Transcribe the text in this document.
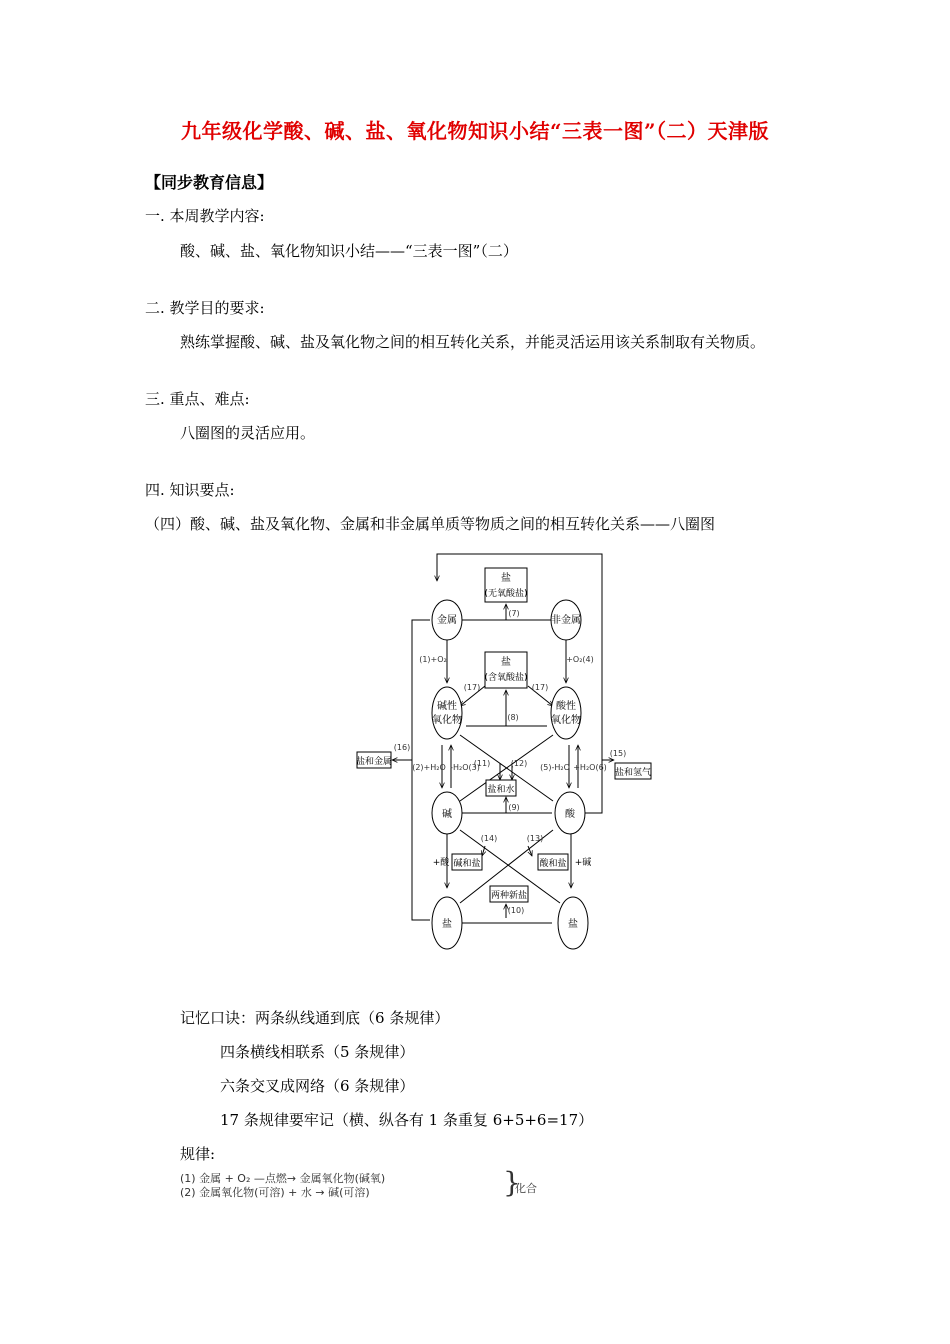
九年级化学酸、碱、盐、氧化物知识小结“三表一图”（二）天津版
【同步教育信息】
一. 本周教学内容:
酸、碱、盐、氧化物知识小结——“三表一图”（二）
二. 教学目的要求:
熟练掌握酸、碱、盐及氧化物之间的相互转化关系，并能灵活运用该关系制取有关物质。
三. 重点、难点:
八圈图的灵活应用。
四. 知识要点:
（四）酸、碱、盐及氧化物、金属和非金属单质等物质之间的相互转化关系——八圈图
金属	非金属
碱性
氧化物
酸性
氧化物
碱	酸
盐	盐
盐
(无氧酸盐)
盐
(含氧酸盐)
盐和水
盐和金属
盐和氢气
碱和盐	酸和盐
两种新盐
(7)
(1)+O₂	+O₂(4)
(17)	(17)
(8)
(16)
(15)
(2)+H₂O -H₂O(3)	(5)-H₂O +H₂O(6)
(11)	(12)
(9)
(14)	(13)
(10)
+酸	+碱
记忆口诀：两条纵线通到底（6 条规律）
四条横线相联系（5 条规律）
六条交叉成网络（6 条规律）
17 条规律要牢记（横、纵各有 1 条重复 6+5+6=17）
规律:
(1) 金属 + O₂ —点燃→ 金属氧化物(碱氧)
(2) 金属氧化物(可溶) + 水 → 碱(可溶)	}
化合
